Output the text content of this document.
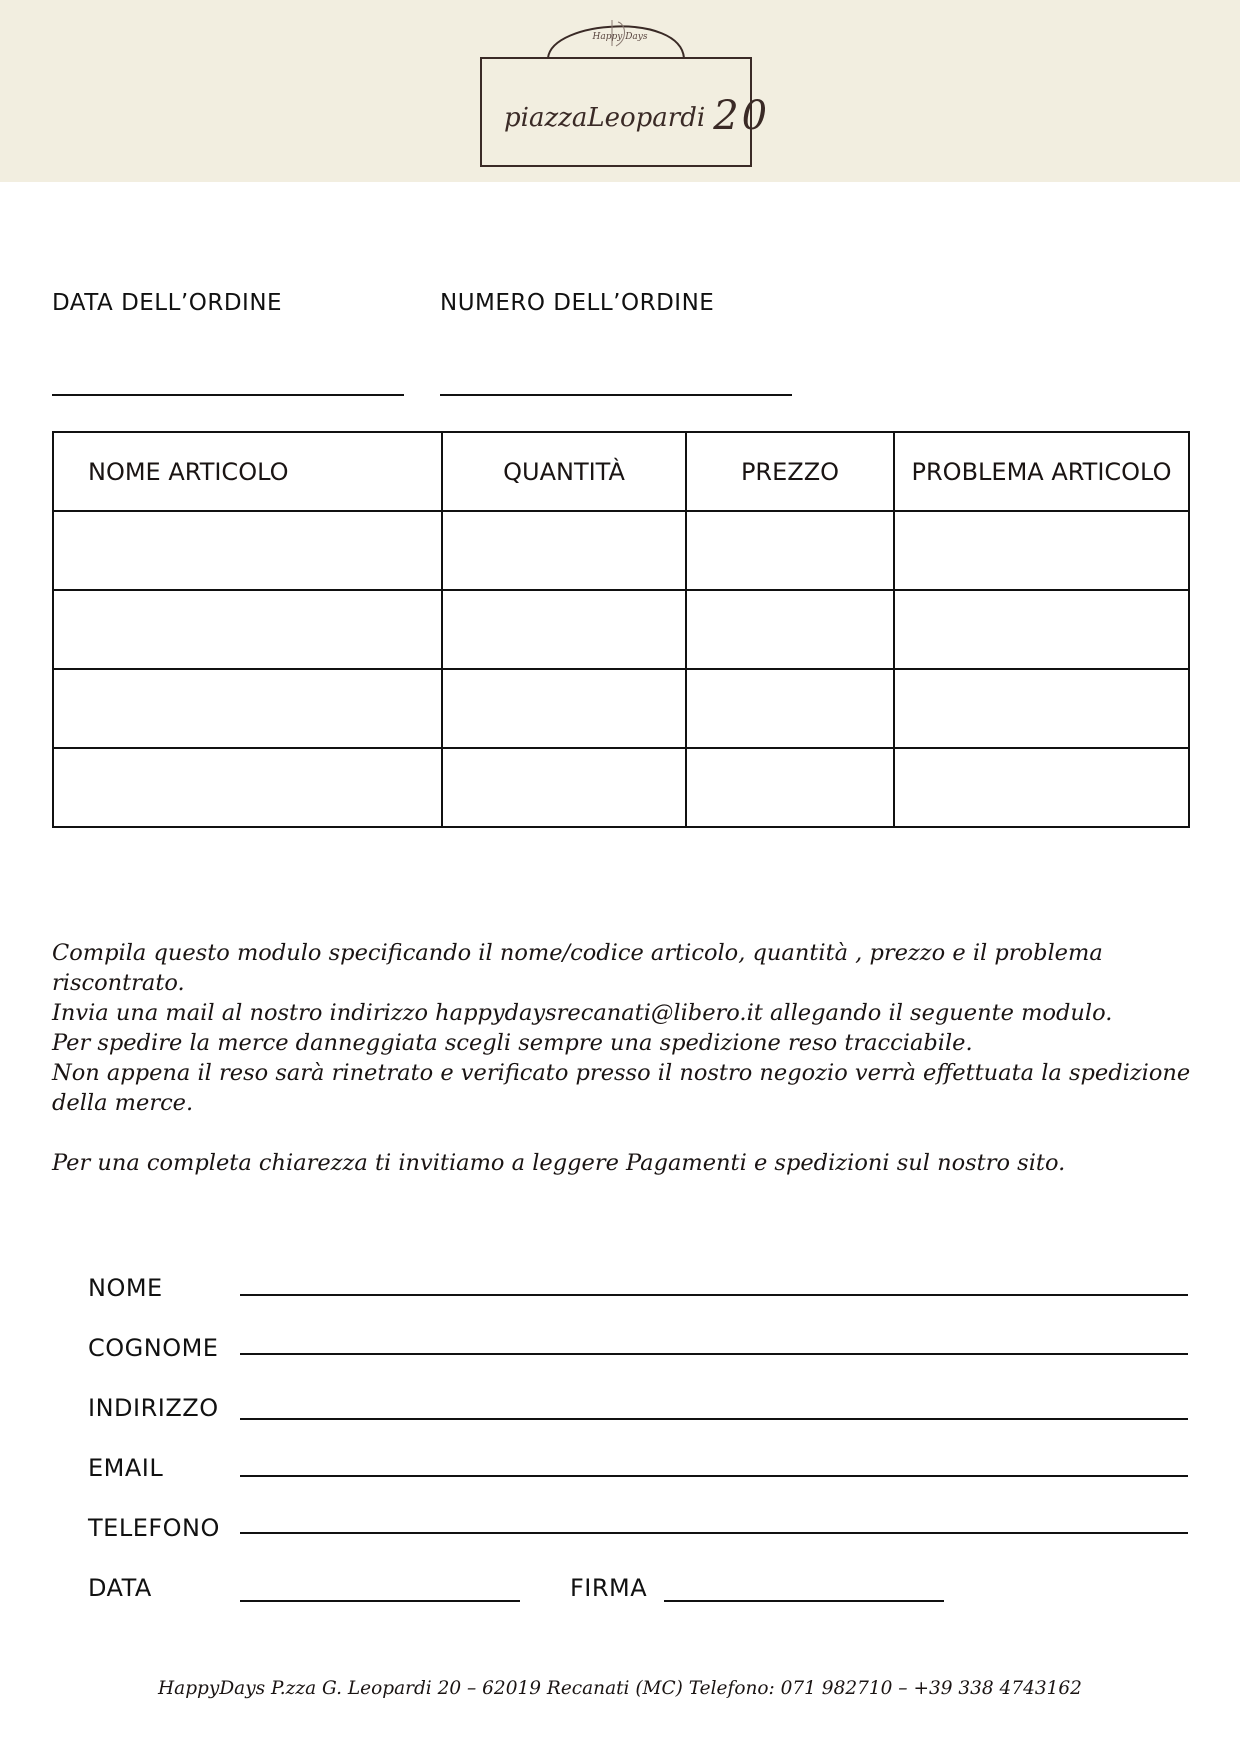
Happy Days
piazzaLeopardi 20
DATA DELL’ORDINE	NUMERO DELL’ORDINE
NOME ARTICOLO	QUANTITÀ	PREZZO	PROBLEMA ARTICOLO

Compila questo modulo specificando il nome/codice articolo, quantità , prezzo e il problema riscontrato.

Invia una mail al nostro indirizzo happydaysrecanati@libero.it allegando il seguente modulo.

Per spedire la merce danneggiata scegli sempre una spedizione reso tracciabile.

Non appena il reso sarà rinetrato e verificato presso il nostro negozio verrà effettuata la spedizione della merce.

Per una completa chiarezza ti invitiamo a leggere Pagamenti e spedizioni sul nostro sito.

NOME
COGNOME
INDIRIZZO
EMAIL
TELEFONO
DATA	FIRMA
HappyDays P.zza G. Leopardi 20 – 62019 Recanati (MC) Telefono: 071 982710 – +39 338 4743162
